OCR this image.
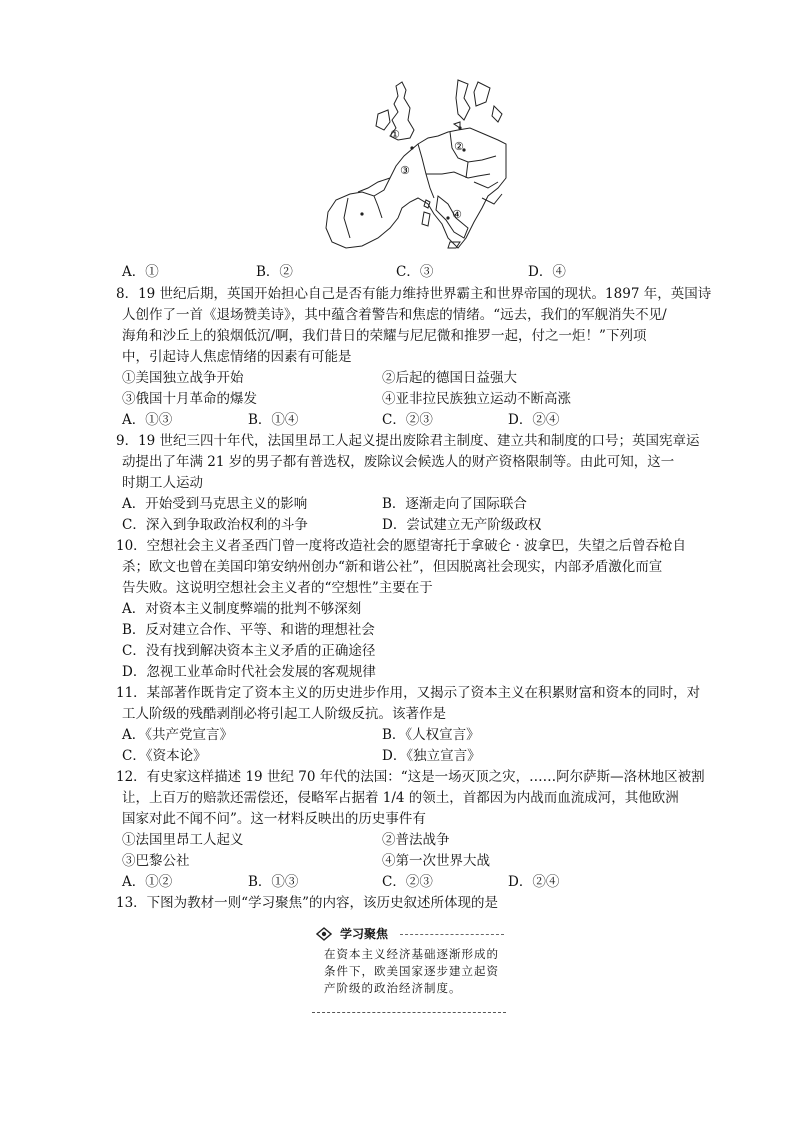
①
②
③
④
A．①	B．②	C．③	D．④
8．19 世纪后期，英国开始担心自己是否有能力维持世界霸主和世界帝国的现状。1897 年，英国诗
人创作了一首《退场赞美诗》，其中蕴含着警告和焦虑的情绪。“远去，我们的军舰消失不见/
海角和沙丘上的狼烟低沉/啊，我们昔日的荣耀与尼尼微和推罗一起，付之一炬！”下列项
中，引起诗人焦虑情绪的因素有可能是
①美国独立战争开始	②后起的德国日益强大
③俄国十月革命的爆发	④亚非拉民族独立运动不断高涨
A．①③	B．①④	C．②③	D．②④
9．19 世纪三四十年代，法国里昂工人起义提出废除君主制度、建立共和制度的口号；英国宪章运
动提出了年满 21 岁的男子都有普选权，废除议会候选人的财产资格限制等。由此可知，这一
时期工人运动
A．开始受到马克思主义的影响	B．逐渐走向了国际联合
C．深入到争取政治权利的斗争	D．尝试建立无产阶级政权
10．空想社会主义者圣西门曾一度将改造社会的愿望寄托于拿破仑 · 波拿巴，失望之后曾吞枪自
杀；欧文也曾在美国印第安纳州创办“新和谐公社”，但因脱离社会现实，内部矛盾激化而宣
告失败。这说明空想社会主义者的“空想性”主要在于
A．对资本主义制度弊端的批判不够深刻
B．反对建立合作、平等、和谐的理想社会
C．没有找到解决资本主义矛盾的正确途径
D．忽视工业革命时代社会发展的客观规律
11．某部著作既肯定了资本主义的历史进步作用，又揭示了资本主义在积累财富和资本的同时，对
工人阶级的残酷剥削必将引起工人阶级反抗。该著作是
A．《共产党宣言》	B．《人权宣言》
C．《资本论》	D．《独立宣言》
12．有史家这样描述 19 世纪 70 年代的法国：“这是一场灭顶之灾，……阿尔萨斯—洛林地区被割
让，上百万的赔款还需偿还，侵略军占据着 1/4 的领土，首都因为内战而血流成河，其他欧洲
国家对此不闻不问”。这一材料反映出的历史事件有
①法国里昂工人起义	②普法战争
③巴黎公社	④第一次世界大战
A．①②	B．①③	C．②③	D．②④
13．下图为教材一则“学习聚焦”的内容，该历史叙述所体现的是
学习聚焦
在资本主义经济基础逐渐形成的条件下，欧美国家逐步建立起资产阶级的政治经济制度。
